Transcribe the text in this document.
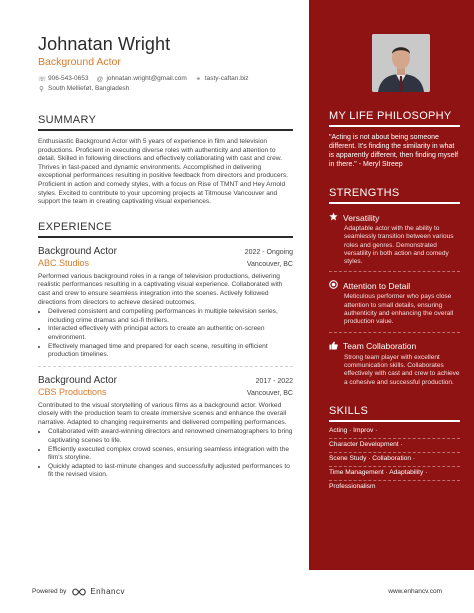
Johnatan Wright
Background Actor
☏ 906-543-0653 @ johnatan.wright@gmail.com ⚭ tasty-caftan.biz
⚲ South Mellieføt, Bangladesh
SUMMARY
Enthusiastic Background Actor with 5 years of experience in film and television productions. Proficient in executing diverse roles with authenticity and attention to detail. Skilled in following directions and effectively collaborating with cast and crew. Thrives in fast-paced and dynamic environments. Accomplished in delivering exceptional performances resulting in positive feedback from directors and producers. Proficient in action and comedy styles, with a focus on Rise of TMNT and Hey Arnold styles. Excited to contribute to your upcoming projects at Titmouse Vancouver and support the team in creating captivating visual experiences.
EXPERIENCE
Background Actor	2022 - Ongoing
ABC Studios	Vancouver, BC
Performed various background roles in a range of television productions, delivering realistic performances resulting in a captivating visual experience. Collaborated with cast and crew to ensure seamless integration into the scenes. Actively followed directions from directors to achieve desired outcomes.
• Delivered consistent and compelling performances in multiple television series, including crime dramas and sci-fi thrillers.
• Interacted effectively with principal actors to create an authentic on-screen environment.
• Effectively managed time and prepared for each scene, resulting in efficient production timelines.
Background Actor	2017 - 2022
CBS Productions	Vancouver, BC
Contributed to the visual storytelling of various films as a background actor. Worked closely with the production team to create immersive scenes and enhance the overall narrative. Adapted to changing requirements and delivered compelling performances.
• Collaborated with award-winning directors and renowned cinematographers to bring captivating scenes to life.
• Efficiently executed complex crowd scenes, ensuring seamless integration with the film's storyline.
• Quickly adapted to last-minute changes and successfully adjusted performances to fit the revised vision.
MY LIFE PHILOSOPHY
"Acting is not about being someone different. It's finding the similarity in what is apparently different, then finding myself in there." - Meryl Streep
STRENGTHS
Versatility
Adaptable actor with the ability to seamlessly transition between various roles and genres. Demonstrated versatility in both action and comedy styles.
Attention to Detail
Meticulous performer who pays close attention to small details, ensuring authenticity and enhancing the overall production value.
Team Collaboration
Strong team player with excellent communication skills. Collaborates effectively with cast and crew to achieve a cohesive and successful production.
SKILLS
Acting · Improv ·
Character Development ·
Scene Study · Collaboration ·
Time Management · Adaptability ·
Professionalism
Powered by	Enhancv	www.enhancv.com
